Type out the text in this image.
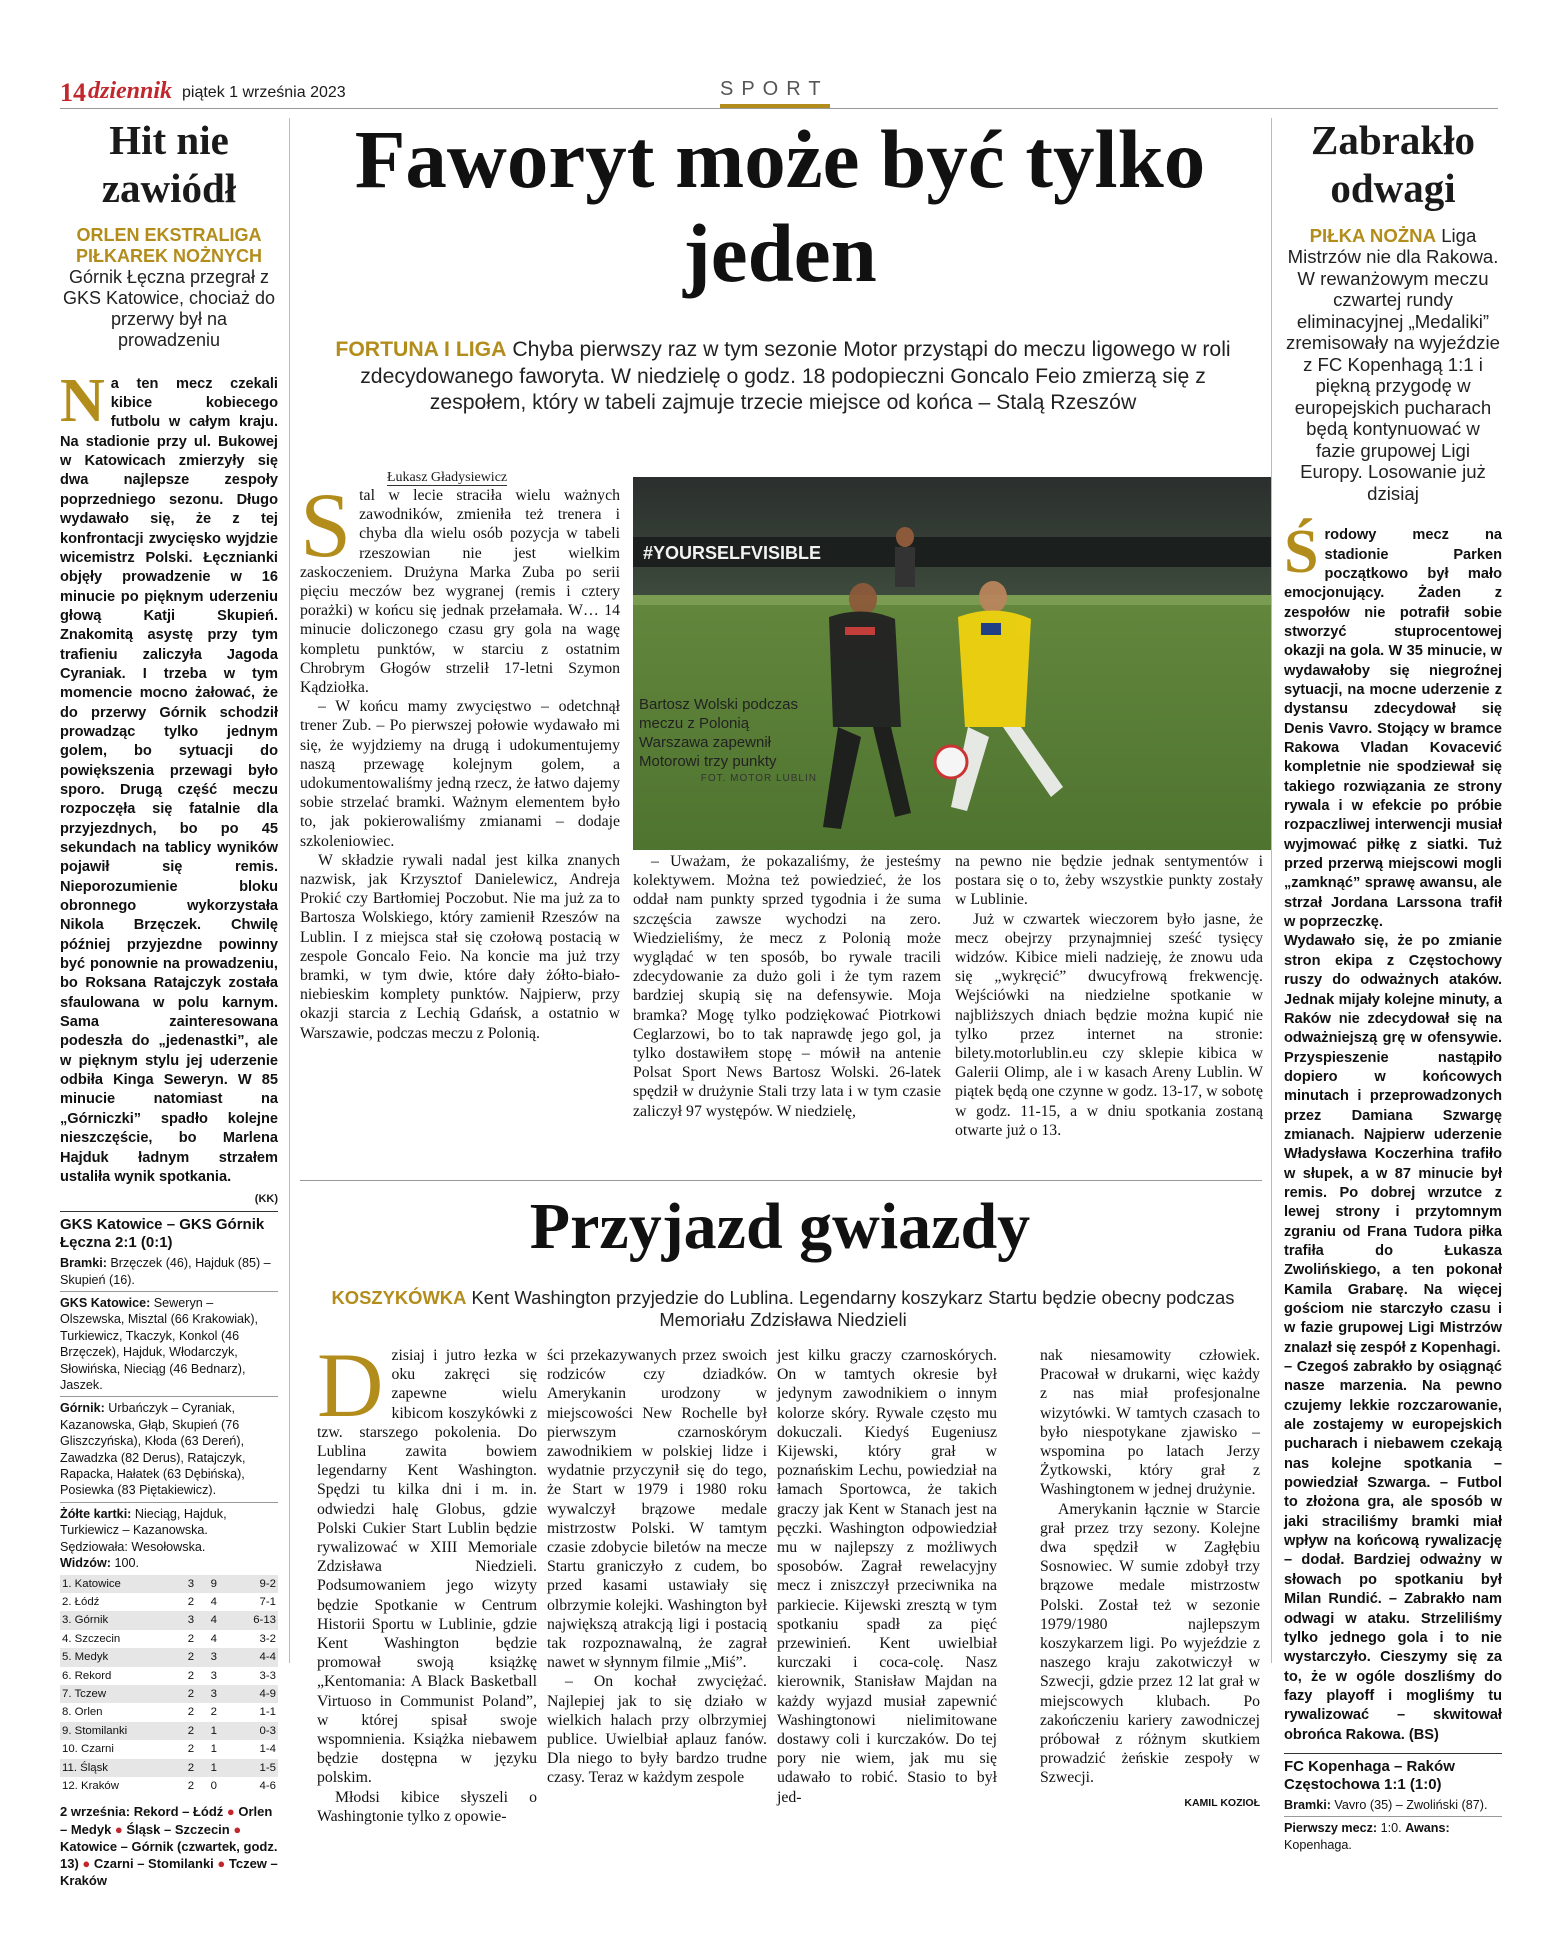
14 dziennik piątek 1 września 2023	SPORT
Hit nie zawiódł
ORLEN EKSTRALIGA PIŁKAREK NOŻNYCH
Górnik Łęczna przegrał z GKS Katowice, chociaż do przerwy był na prowadzeniu
Na ten mecz czekali kibice kobiecego futbolu w całym kraju. Na stadionie przy ul. Bukowej w Katowicach zmierzyły się dwa najlepsze zespoły poprzedniego sezonu. Długo wydawało się, że z tej konfrontacji zwycięsko wyjdzie wicemistrz Polski. Łęcznianki objęły prowadzenie w 16 minucie po pięknym uderzeniu głową Katji Skupień. Znakomitą asystę przy tym trafieniu zaliczyła Jagoda Cyraniak. I trzeba w tym momencie mocno żałować, że do przerwy Górnik schodził prowadząc tylko jednym golem, bo sytuacji do powiększenia przewagi było sporo. Drugą część meczu rozpoczęła się fatalnie dla przyjezdnych, bo po 45 sekundach na tablicy wyników pojawił się remis. Nieporozumienie bloku obronnego wykorzystała Nikola Brzęczek. Chwilę później przyjezdne powinny być ponownie na prowadzeniu, bo Roksana Ratajczyk została sfaulowana w polu karnym. Sama zainteresowana podeszła do „jedenastki”, ale w pięknym stylu jej uderzenie odbiła Kinga Seweryn. W 85 minucie natomiast na „Górniczki” spadło kolejne nieszczęście, bo Marlena Hajduk ładnym strzałem ustaliła wynik spotkania.
(KK)
GKS Katowice – GKS Górnik Łęczna 2:1 (0:1)
Bramki: Brzęczek (46), Hajduk (85) – Skupień (16).
GKS Katowice: Seweryn – Olszewska, Misztal (66 Krakowiak), Turkiewicz, Tkaczyk, Konkol (46 Brzęczek), Hajduk, Włodarczyk, Słowińska, Nieciąg (46 Bednarz), Jaszek.
Górnik: Urbańczyk – Cyraniak, Kazanowska, Głąb, Skupień (76 Gliszczyńska), Kłoda (63 Dereń), Zawadzka (82 Derus), Ratajczyk, Rapacka, Hałatek (63 Dębińska), Posiewka (83 Piętakiewicz).
Żółte kartki: Nieciąg, Hajduk, Turkiewicz – Kazanowska. Sędziowała: Wesołowska.
Widzów: 100.
1. Katowice	3	9	9-2
2. Łódź	2	4	7-1
3. Górnik	3	4	6-13
4. Szczecin	2	4	3-2
5. Medyk	2	3	4-4
6. Rekord	2	3	3-3
7. Tczew	2	3	4-9
8. Orlen	2	2	1-1
9. Stomilanki	2	1	0-3
10. Czarni	2	1	1-4
11. Śląsk	2	1	1-5
12. Kraków	2	0	4-6
2 września: Rekord – Łódź ● Orlen – Medyk ● Śląsk – Szczecin ● Katowice – Górnik (czwartek, godz. 13) ● Czarni – Stomilanki ● Tczew – Kraków
Faworyt może być tylko jeden
FORTUNA I LIGA Chyba pierwszy raz w tym sezonie Motor przystąpi do meczu ligowego w roli zdecydowanego faworyta. W niedzielę o godz. 18 podopieczni Goncalo Feio zmierzą się z zespołem, który w tabeli zajmuje trzecie miejsce od końca – Stalą Rzeszów
Łukasz Gładysiewicz

Stal w lecie straciła wielu ważnych zawodników, zmieniła też trenera i chyba dla wielu osób pozycja w tabeli rzeszowian nie jest wielkim zaskoczeniem. Drużyna Marka Zuba po serii pięciu meczów bez wygranej (remis i cztery porażki) w końcu się jednak przełamała. W… 14 minucie doliczonego czasu gry gola na wagę kompletu punktów, w starciu z ostatnim Chrobrym Głogów strzelił 17-letni Szymon Kądziołka.

– W końcu mamy zwycięstwo – odetchnął trener Zub. – Po pierwszej połowie wydawało mi się, że wyjdziemy na drugą i udokumentujemy naszą przewagę kolejnym golem, a udokumentowaliśmy jedną rzecz, że łatwo dajemy sobie strzelać bramki. Ważnym elementem było to, jak pokierowaliśmy zmianami – dodaje szkoleniowiec.

W składzie rywali nadal jest kilka znanych nazwisk, jak Krzysztof Danielewicz, Andreja Prokić czy Bartłomiej Poczobut. Nie ma już za to Bartosza Wolskiego, który zamienił Rzeszów na Lublin. I z miejsca stał się czołową postacią w zespole Goncalo Feio. Na koncie ma już trzy bramki, w tym dwie, które dały żółto-biało-niebieskim komplety punktów. Najpierw, przy okazji starcia z Lechią Gdańsk, a ostatnio w Warszawie, podczas meczu z Polonią.

#YOURSELFVISIBLE
Bartosz Wolski podczas meczu z Polonią Warszawa zapewnił Motorowi trzy punkty
FOT. MOTOR LUBLIN

– Uważam, że pokazaliśmy, że jesteśmy kolektywem. Można też powiedzieć, że los oddał nam punkty sprzed tygodnia i że suma szczęścia zawsze wychodzi na zero. Wiedzieliśmy, że mecz z Polonią może wyglądać w ten sposób, bo rywale tracili zdecydowanie za dużo goli i że tym razem bardziej skupią się na defensywie. Moja bramka? Mogę tylko podziękować Piotrkowi Ceglarzowi, bo to tak naprawdę jego gol, ja tylko dostawiłem stopę – mówił na antenie Polsat Sport News Bartosz Wolski. 26-latek spędził w drużynie Stali trzy lata i w tym czasie zaliczył 97 występów. W niedzielę,

na pewno nie będzie jednak sentymentów i postara się o to, żeby wszystkie punkty zostały w Lublinie.

Już w czwartek wieczorem było jasne, że mecz obejrzy przynajmniej sześć tysięcy widzów. Kibice mieli nadzieję, że znowu uda się „wykręcić” dwucyfrową frekwencję. Wejściówki na niedzielne spotkanie w najbliższych dniach będzie można kupić nie tylko przez internet na stronie: bilety.motorlublin.eu czy sklepie kibica w Galerii Olimp, ale i w kasach Areny Lublin. W piątek będą one czynne w godz. 13-17, w sobotę w godz. 11-15, a w dniu spotkania zostaną otwarte już o 13.

Przyjazd gwiazdy
KOSZYKÓWKA Kent Washington przyjedzie do Lublina. Legendarny koszykarz Startu będzie obecny podczas Memoriału Zdzisława Niedzieli

Dzisiaj i jutro łezka w oku zakręci się zapewne wielu kibicom koszykówki z tzw. starszego pokolenia. Do Lublina zawita bowiem legendarny Kent Washington. Spędzi tu kilka dni i m. in. odwiedzi halę Globus, gdzie Polski Cukier Start Lublin będzie rywalizować w XIII Memoriale Zdzisława Niedzieli. Podsumowaniem jego wizyty będzie Spotkanie w Centrum Historii Sportu w Lublinie, gdzie Kent Washington będzie promował swoją książkę „Kentomania: A Black Basketball Virtuoso in Communist Poland”, w której spisał swoje wspomnienia. Książka niebawem będzie dostępna w języku polskim.

Młodsi kibice słyszeli o Washingtonie tylko z opowie-

ści przekazywanych przez swoich rodziców czy dziadków. Amerykanin urodzony w miejscowości New Rochelle był pierwszym czarnoskórym zawodnikiem w polskiej lidze i wydatnie przyczynił się do tego, że Start w 1979 i 1980 roku wywalczył brązowe medale mistrzostw Polski. W tamtym czasie zdobycie biletów na mecze Startu graniczyło z cudem, bo przed kasami ustawiały się olbrzymie kolejki. Washington był największą atrakcją ligi i postacią tak rozpoznawalną, że zagrał nawet w słynnym filmie „Miś”.

– On kochał zwyciężać. Najlepiej jak to się działo w wielkich halach przy olbrzymiej publice. Uwielbiał aplauz fanów. Dla niego to były bardzo trudne czasy. Teraz w każdym zespole

jest kilku graczy czarnoskórych. On w tamtych okresie był jedynym zawodnikiem o innym kolorze skóry. Rywale często mu dokuczali. Kiedyś Eugeniusz Kijewski, który grał w poznańskim Lechu, powiedział na łamach Sportowca, że takich graczy jak Kent w Stanach jest na pęczki. Washington odpowiedział mu w najlepszy z możliwych sposobów. Zagrał rewelacyjny mecz i zniszczył przeciwnika na parkiecie. Kijewski zresztą w tym spotkaniu spadł za pięć przewinień. Kent uwielbiał kurczaki i coca-colę. Nasz kierownik, Stanisław Majdan na każdy wyjazd musiał zapewnić Washingtonowi nielimitowane dostawy coli i kurczaków. Do tej pory nie wiem, jak mu się udawało to robić. Stasio to był jed-

nak niesamowity człowiek. Pracował w drukarni, więc każdy z nas miał profesjonalne wizytówki. W tamtych czasach to było niespotykane zjawisko – wspomina po latach Jerzy Żytkowski, który grał z Washingtonem w jednej drużynie.

Amerykanin łącznie w Starcie grał przez trzy sezony. Kolejne dwa spędził w Zagłębiu Sosnowiec. W sumie zdobył trzy brązowe medale mistrzostw Polski. Został też w sezonie 1979/1980 najlepszym koszykarzem ligi. Po wyjeździe z naszego kraju zakotwiczył w Szwecji, gdzie przez 12 lat grał w miejscowych klubach. Po zakończeniu kariery zawodniczej próbował z różnym skutkiem prowadzić żeńskie zespoły w Szwecji.

KAMIL KOZIOŁ
Zabrakło odwagi
PIŁKA NOŻNA Liga Mistrzów nie dla Rakowa. W rewanżowym meczu czwartej rundy eliminacyjnej „Medaliki” zremisowały na wyjeździe z FC Kopenhagą 1:1 i piękną przygodę w europejskich pucharach będą kontynuować w fazie grupowej Ligi Europy. Losowanie już dzisiaj
Środowy mecz na stadionie Parken początkowo był mało emocjonujący. Żaden z zespołów nie potrafił sobie stworzyć stuprocentowej okazji na gola. W 35 minucie, w wydawałoby się niegroźnej sytuacji, na mocne uderzenie z dystansu zdecydował się Denis Vavro. Stojący w bramce Rakowa Vladan Kovacević kompletnie nie spodziewał się takiego rozwiązania ze strony rywala i w efekcie po próbie rozpaczliwej interwencji musiał wyjmować piłkę z siatki. Tuż przed przerwą miejscowi mogli „zamknąć” sprawę awansu, ale strzał Jordana Larssona trafił w poprzeczkę.
Wydawało się, że po zmianie stron ekipa z Częstochowy ruszy do odważnych ataków. Jednak mijały kolejne minuty, a Raków nie zdecydował się na odważniejszą grę w ofensywie. Przyspieszenie nastąpiło dopiero w końcowych minutach i przeprowadzonych przez Damiana Szwargę zmianach. Najpierw uderzenie Władysława Koczerhina trafiło w słupek, a w 87 minucie był remis. Po dobrej wrzutce z lewej strony i przytomnym zgraniu od Frana Tudora piłka trafiła do Łukasza Zwolińskiego, a ten pokonał Kamila Grabarę. Na więcej gościom nie starczyło czasu i w fazie grupowej Ligi Mistrzów znalazł się zespół z Kopenhagi.
– Czegoś zabrakło by osiągnąć nasze marzenia. Na pewno czujemy lekkie rozczarowanie, ale zostajemy w europejskich pucharach i niebawem czekają nas kolejne spotkania – powiedział Szwarga. – Futbol to złożona gra, ale sposób w jaki straciliśmy bramki miał wpływ na końcową rywalizację – dodał. Bardziej odważny w słowach po spotkaniu był Milan Rundić. – Zabrakło nam odwagi w ataku. Strzeliliśmy tylko jednego gola i to nie wystarczyło. Cieszymy się za to, że w ogóle doszliśmy do fazy playoff i mogliśmy tu rywalizować – skwitował obrońca Rakowa. (BS)
FC Kopenhaga – Raków Częstochowa 1:1 (1:0)
Bramki: Vavro (35) – Zwoliński (87).
Pierwszy mecz: 1:0. Awans: Kopenhaga.
